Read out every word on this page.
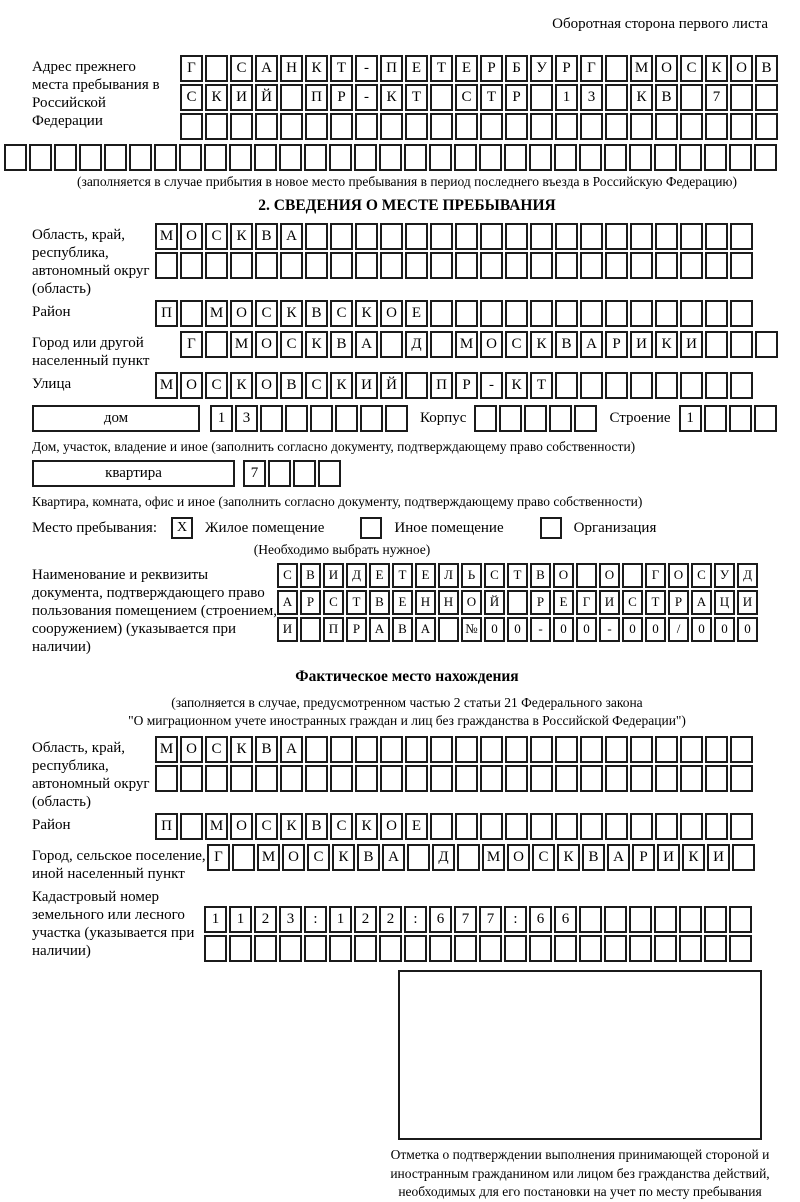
Оборотная сторона первого листа
Адрес прежнего места пребывания в Российской Федерации
Г	С А Н К	Т	-	П Е	Т	Е	Р	Б	У	Р	Г	М О С К О В
С К И Й	П	Р	-	К	Т	С	Т	Р	1	3	К В	7
(заполняется в случае прибытия в новое место пребывания в период последнего въезда в Российскую Федерацию)
2. СВЕДЕНИЯ О МЕСТЕ ПРЕБЫВАНИЯ
Область, край, республика, автономный округ (область)
М О С К В А
Район	П	М О С К В С К О Е
Город или другой населенный пункт
Г	М О С К В А	Д	М О С К В А	Р	И К И
Улица	М О С К О В С К И Й	П	Р	-	К	Т
дом	1	3	Корпус	Строение	1
Дом, участок, владение и иное (заполнить согласно документу, подтверждающему право собственности)
квартира	7
Квартира, комната, офис и иное (заполнить согласно документу, подтверждающему право собственности)
Место пребывания:	X	Жилое помещение	Иное помещение	Организация
(Необходимо выбрать нужное)
Наименование и реквизиты документа, подтверждающего право пользования помещением (строением, сооружением) (указывается при наличии)
С	В	И	Д	Е	Т	Е	Л	Ь	С	Т	В	О	О	Г	О	С	У	Д
А	Р	С	Т	В	Е	Н	Н	О	Й	Р	Е	Г	И	С	Т	Р	А	Ц	И
И	П	Р	А	В	А	№	0	0	-	0	0	-	0	0	/	0	0	0
Фактическое место нахождения
(заполняется в случае, предусмотренном частью 2 статьи 21 Федерального закона
"О миграционном учете иностранных граждан и лиц без гражданства в Российской Федерации")
Область, край, республика, автономный округ (область)
М О С К В А
Район	П	М О С К В С К О Е
Город, сельское поселение, иной населенный пункт
Г	М О С К В А	Д	М О С К В А	Р	И К И
Кадастровый номер земельного или лесного участка (указывается при наличии)
1	1	2	3	:	1	2	2	:	6	7	7	:	6	6
Отметка о подтверждении выполнения принимающей стороной и иностранным гражданином или лицом без гражданства действий, необходимых для его постановки на учет по месту пребывания
